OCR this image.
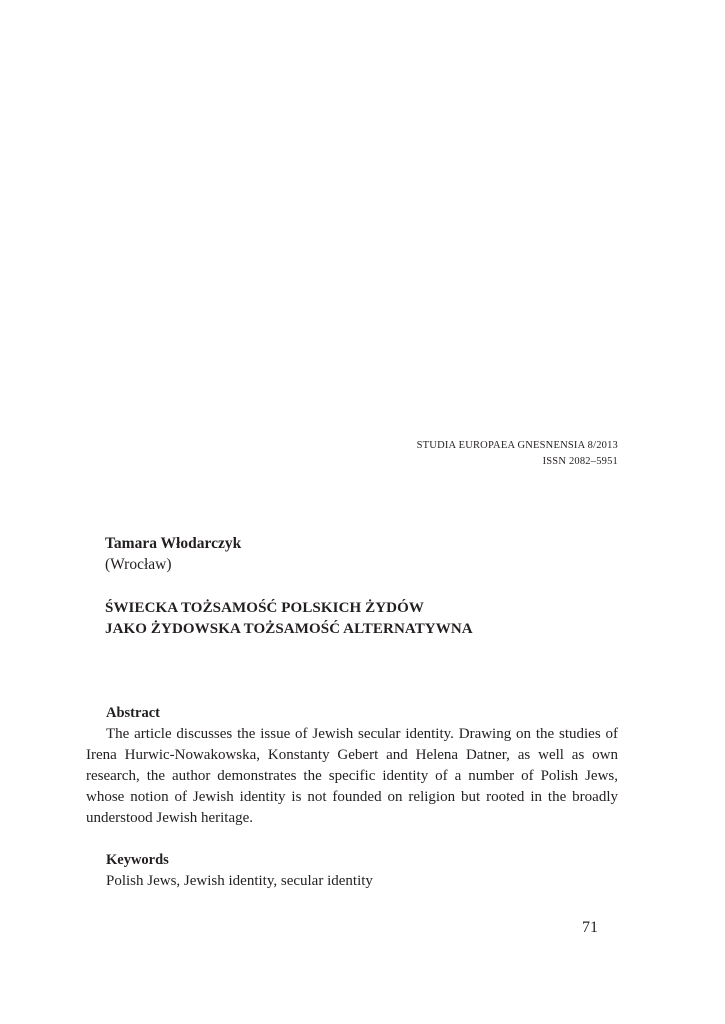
STUDIA EUROPAEA GNESNENSIA 8/2013
ISSN 2082–5951
Tamara Włodarczyk
(Wrocław)
ŚWIECKA TOŻSAMOŚĆ POLSKICH ŻYDÓW
JAKO ŻYDOWSKA TOŻSAMOŚĆ ALTERNATYWNA
Abstract

The article discusses the issue of Jewish secular identity. Drawing on the studies of Irena Hurwic-Nowakowska, Konstanty Gebert and Helena Datner, as well as own research, the author demonstrates the specific identity of a number of Polish Jews, whose notion of Jewish identity is not founded on religion but rooted in the broadly understood Jewish heritage.

Keywords
Polish Jews, Jewish identity, secular identity
71
